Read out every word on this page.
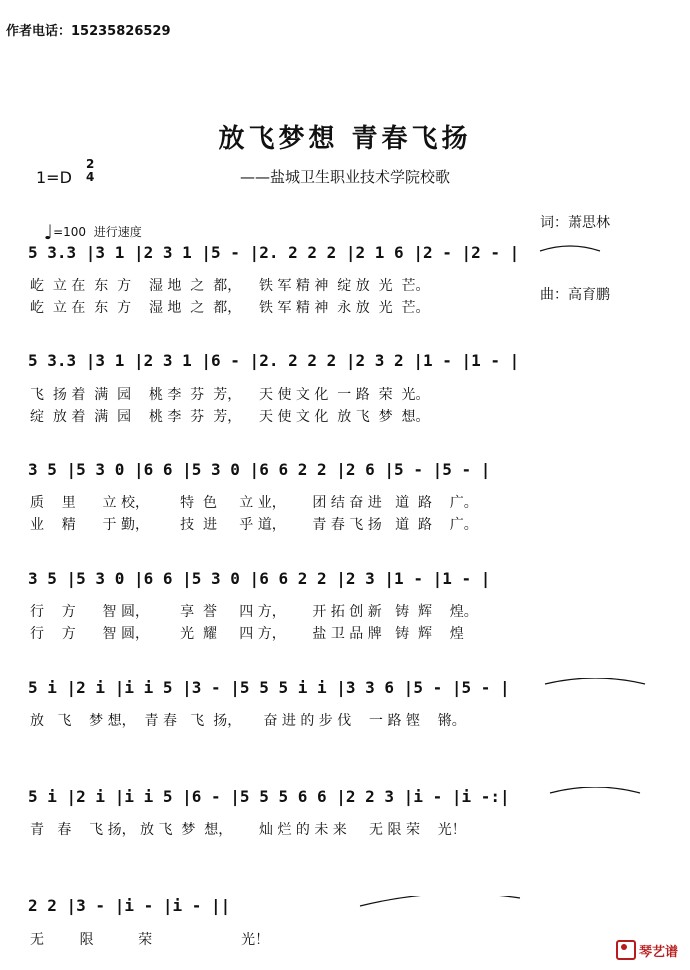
作者电话：15235826529
放飞梦想 青春飞扬
1=D
2
4	——盐城卫生职业技术学院校歌

词：萧思林

曲：高育鹏

♩=100 进行速度

5 3.3 |3 1 |2 3 1 |5 - |2. 2 2 2 |2 1 6 |2 - |2 - |
屹  立 在  东  方    湿 地  之  都，    铁 军 精 神  绽 放  光  芒。
屹  立 在  东  方    湿 地  之  都，    铁 军 精 神  永 放  光  芒。
5 3.3 |3 1 |2 3 1 |6 - |2. 2 2 2 |2 3 2 |1 - |1 - |
飞  扬 着  满  园    桃 李  芬  芳，    天 使 文 化  一 路  荣  光。
绽  放 着  满  园    桃 李  芬  芳，    天 使 文 化  放 飞  梦  想。
3 5 |5 3 0 |6 6 |5 3 0 |6 6 2 2 |2 6 |5 - |5 - |
质    里      立 校，       特  色     立 业，      团 结 奋 进   道  路    广。
业    精      于 勤，       技  进     乎 道，      青 春 飞 扬   道  路    广。
3 5 |5 3 0 |6 6 |5 3 0 |6 6 2 2 |2 3 |1 - |1 - |
行    方      智 圆，       享  誉     四 方，      开 拓 创 新   铸  辉    煌。
行    方      智 圆，       光  耀     四 方，      盐 卫 品 牌   铸  辉    煌
5 i |2 i |i i 5 |3 - |5 5 5 i i |3 3 6 |5 - |5 - |
放   飞    梦 想，  青 春   飞  扬，     奋 进 的 步 伐    一 路 铿    锵。
5 i |2 i |i i 5 |6 - |5 5 5 6 6 |2 2 3 |i - |i -:|
青   春    飞 扬， 放 飞  梦  想，      灿 烂 的 未 来     无 限 荣    光！
2 2 |3 - |i - |i - ||
无        限          荣                    光！
琴艺谱
